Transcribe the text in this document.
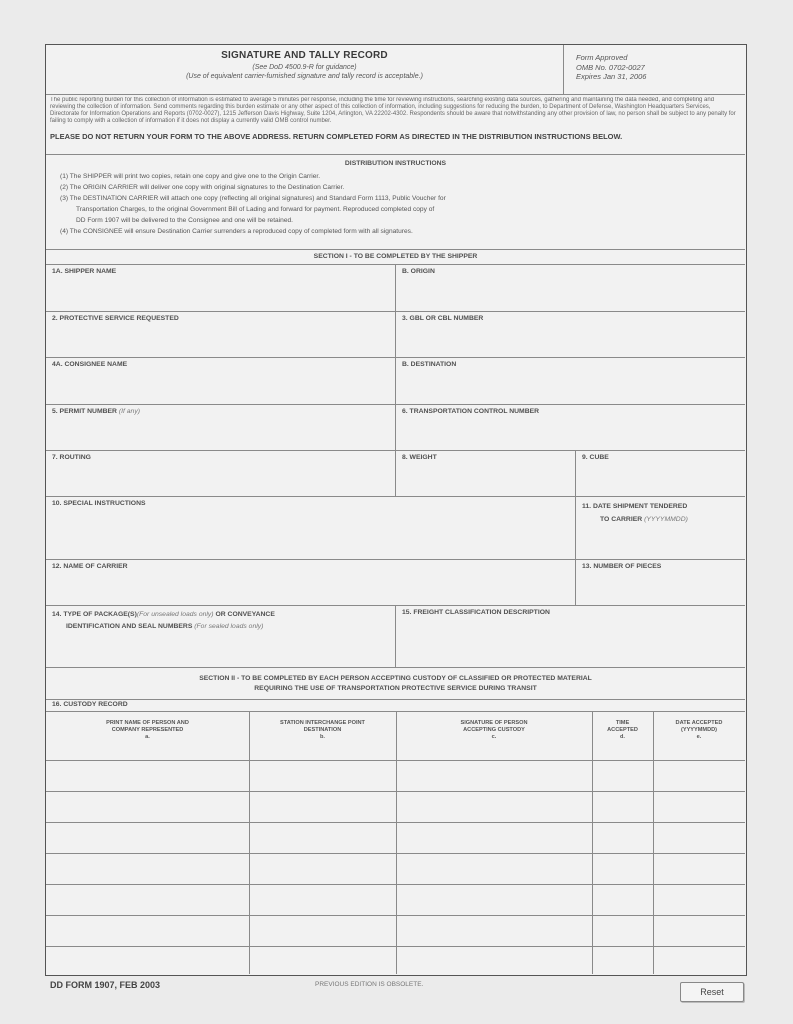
SIGNATURE AND TALLY RECORD
(See DoD 4500.9-R for guidance)
(Use of equivalent carrier-furnished signature and tally record is acceptable.)
Form Approved
OMB No. 0702-0027
Expires Jan 31, 2006
The public reporting burden for this collection of information is estimated to average 5 minutes per response, including the time for reviewing instructions, searching existing data sources, gathering and maintaining the data needed, and completing and reviewing the collection of information. Send comments regarding this burden estimate or any other aspect of this collection of information, including suggestions for reducing the burden, to Department of Defense, Washington Headquarters Services, Directorate for Information Operations and Reports (0702-0027), 1215 Jefferson Davis Highway, Suite 1204, Arlington, VA 22202-4302. Respondents should be aware that notwithstanding any other provision of law, no person shall be subject to any penalty for failing to comply with a collection of information if it does not display a currently valid OMB control number.
PLEASE DO NOT RETURN YOUR FORM TO THE ABOVE ADDRESS. RETURN COMPLETED FORM AS DIRECTED IN THE DISTRIBUTION INSTRUCTIONS BELOW.
DISTRIBUTION INSTRUCTIONS
(1) The SHIPPER will print two copies, retain one copy and give one to the Origin Carrier.
(2) The ORIGIN CARRIER will deliver one copy with original signatures to the Destination Carrier.
(3) The DESTINATION CARRIER will attach one copy (reflecting all original signatures) and Standard Form 1113, Public Voucher for
Transportation Charges, to the original Government Bill of Lading and forward for payment. Reproduced completed copy of
DD Form 1907 will be delivered to the Consignee and one will be retained.
(4) The CONSIGNEE will ensure Destination Carrier surrenders a reproduced copy of completed form with all signatures.
SECTION I - TO BE COMPLETED BY THE SHIPPER
1A. SHIPPER NAME	B. ORIGIN
2. PROTECTIVE SERVICE REQUESTED	3. GBL OR CBL NUMBER
4A. CONSIGNEE NAME	B. DESTINATION
5. PERMIT NUMBER (If any)	6. TRANSPORTATION CONTROL NUMBER
7. ROUTING	8. WEIGHT	9. CUBE
10. SPECIAL INSTRUCTIONS	11. DATE SHIPMENT TENDERED
TO CARRIER (YYYYMMDD)
12. NAME OF CARRIER	13. NUMBER OF PIECES
14. TYPE OF PACKAGE(S)(For unsealed loads only) OR CONVEYANCE
IDENTIFICATION AND SEAL NUMBERS (For sealed loads only)
15. FREIGHT CLASSIFICATION DESCRIPTION
SECTION II - TO BE COMPLETED BY EACH PERSON ACCEPTING CUSTODY OF CLASSIFIED OR PROTECTED MATERIAL
REQUIRING THE USE OF TRANSPORTATION PROTECTIVE SERVICE DURING TRANSIT
16. CUSTODY RECORD
PRINT NAME OF PERSON AND
COMPANY REPRESENTED
a.
STATION INTERCHANGE POINT
DESTINATION
b.
SIGNATURE OF PERSON
ACCEPTING CUSTODY
c.
TIME
ACCEPTED
d.
DATE ACCEPTED
(YYYYMMDD)
e.
DD FORM 1907, FEB 2003	PREVIOUS EDITION IS OBSOLETE.
Reset
